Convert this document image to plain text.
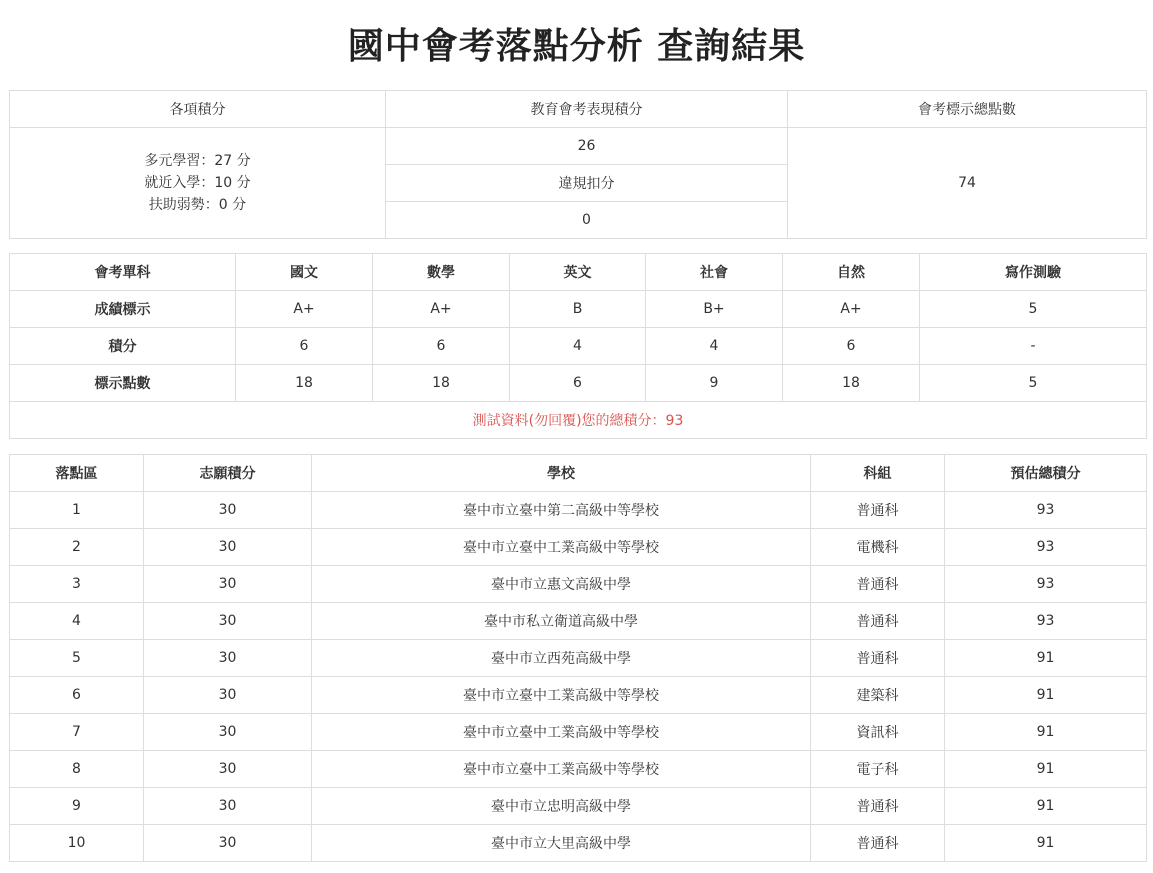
國中會考落點分析 查詢結果
各項積分	教育會考表現積分	會考標示總點數

多元學習：27 分
就近入學：10 分
扶助弱勢：0 分	26	74
	違規扣分	
	0	
會考單科	國文	數學	英文	社會	自然	寫作測驗
成績標示	A+	A+	B	B+	A+	5
積分	6	6	4	4	6	-
標示點數	18	18	6	9	18	5
測試資料(勿回覆)您的總積分：93						
落點區	志願積分	學校	科組	預估總積分
1	30	臺中市立臺中第二高級中等學校	普通科	93
2	30	臺中市立臺中工業高級中等學校	電機科	93
3	30	臺中市立惠文高級中學	普通科	93
4	30	臺中市私立衛道高級中學	普通科	93
5	30	臺中市立西苑高級中學	普通科	91
6	30	臺中市立臺中工業高級中等學校	建築科	91
7	30	臺中市立臺中工業高級中等學校	資訊科	91
8	30	臺中市立臺中工業高級中等學校	電子科	91
9	30	臺中市立忠明高級中學	普通科	91
10	30	臺中市立大里高級中學	普通科	91
